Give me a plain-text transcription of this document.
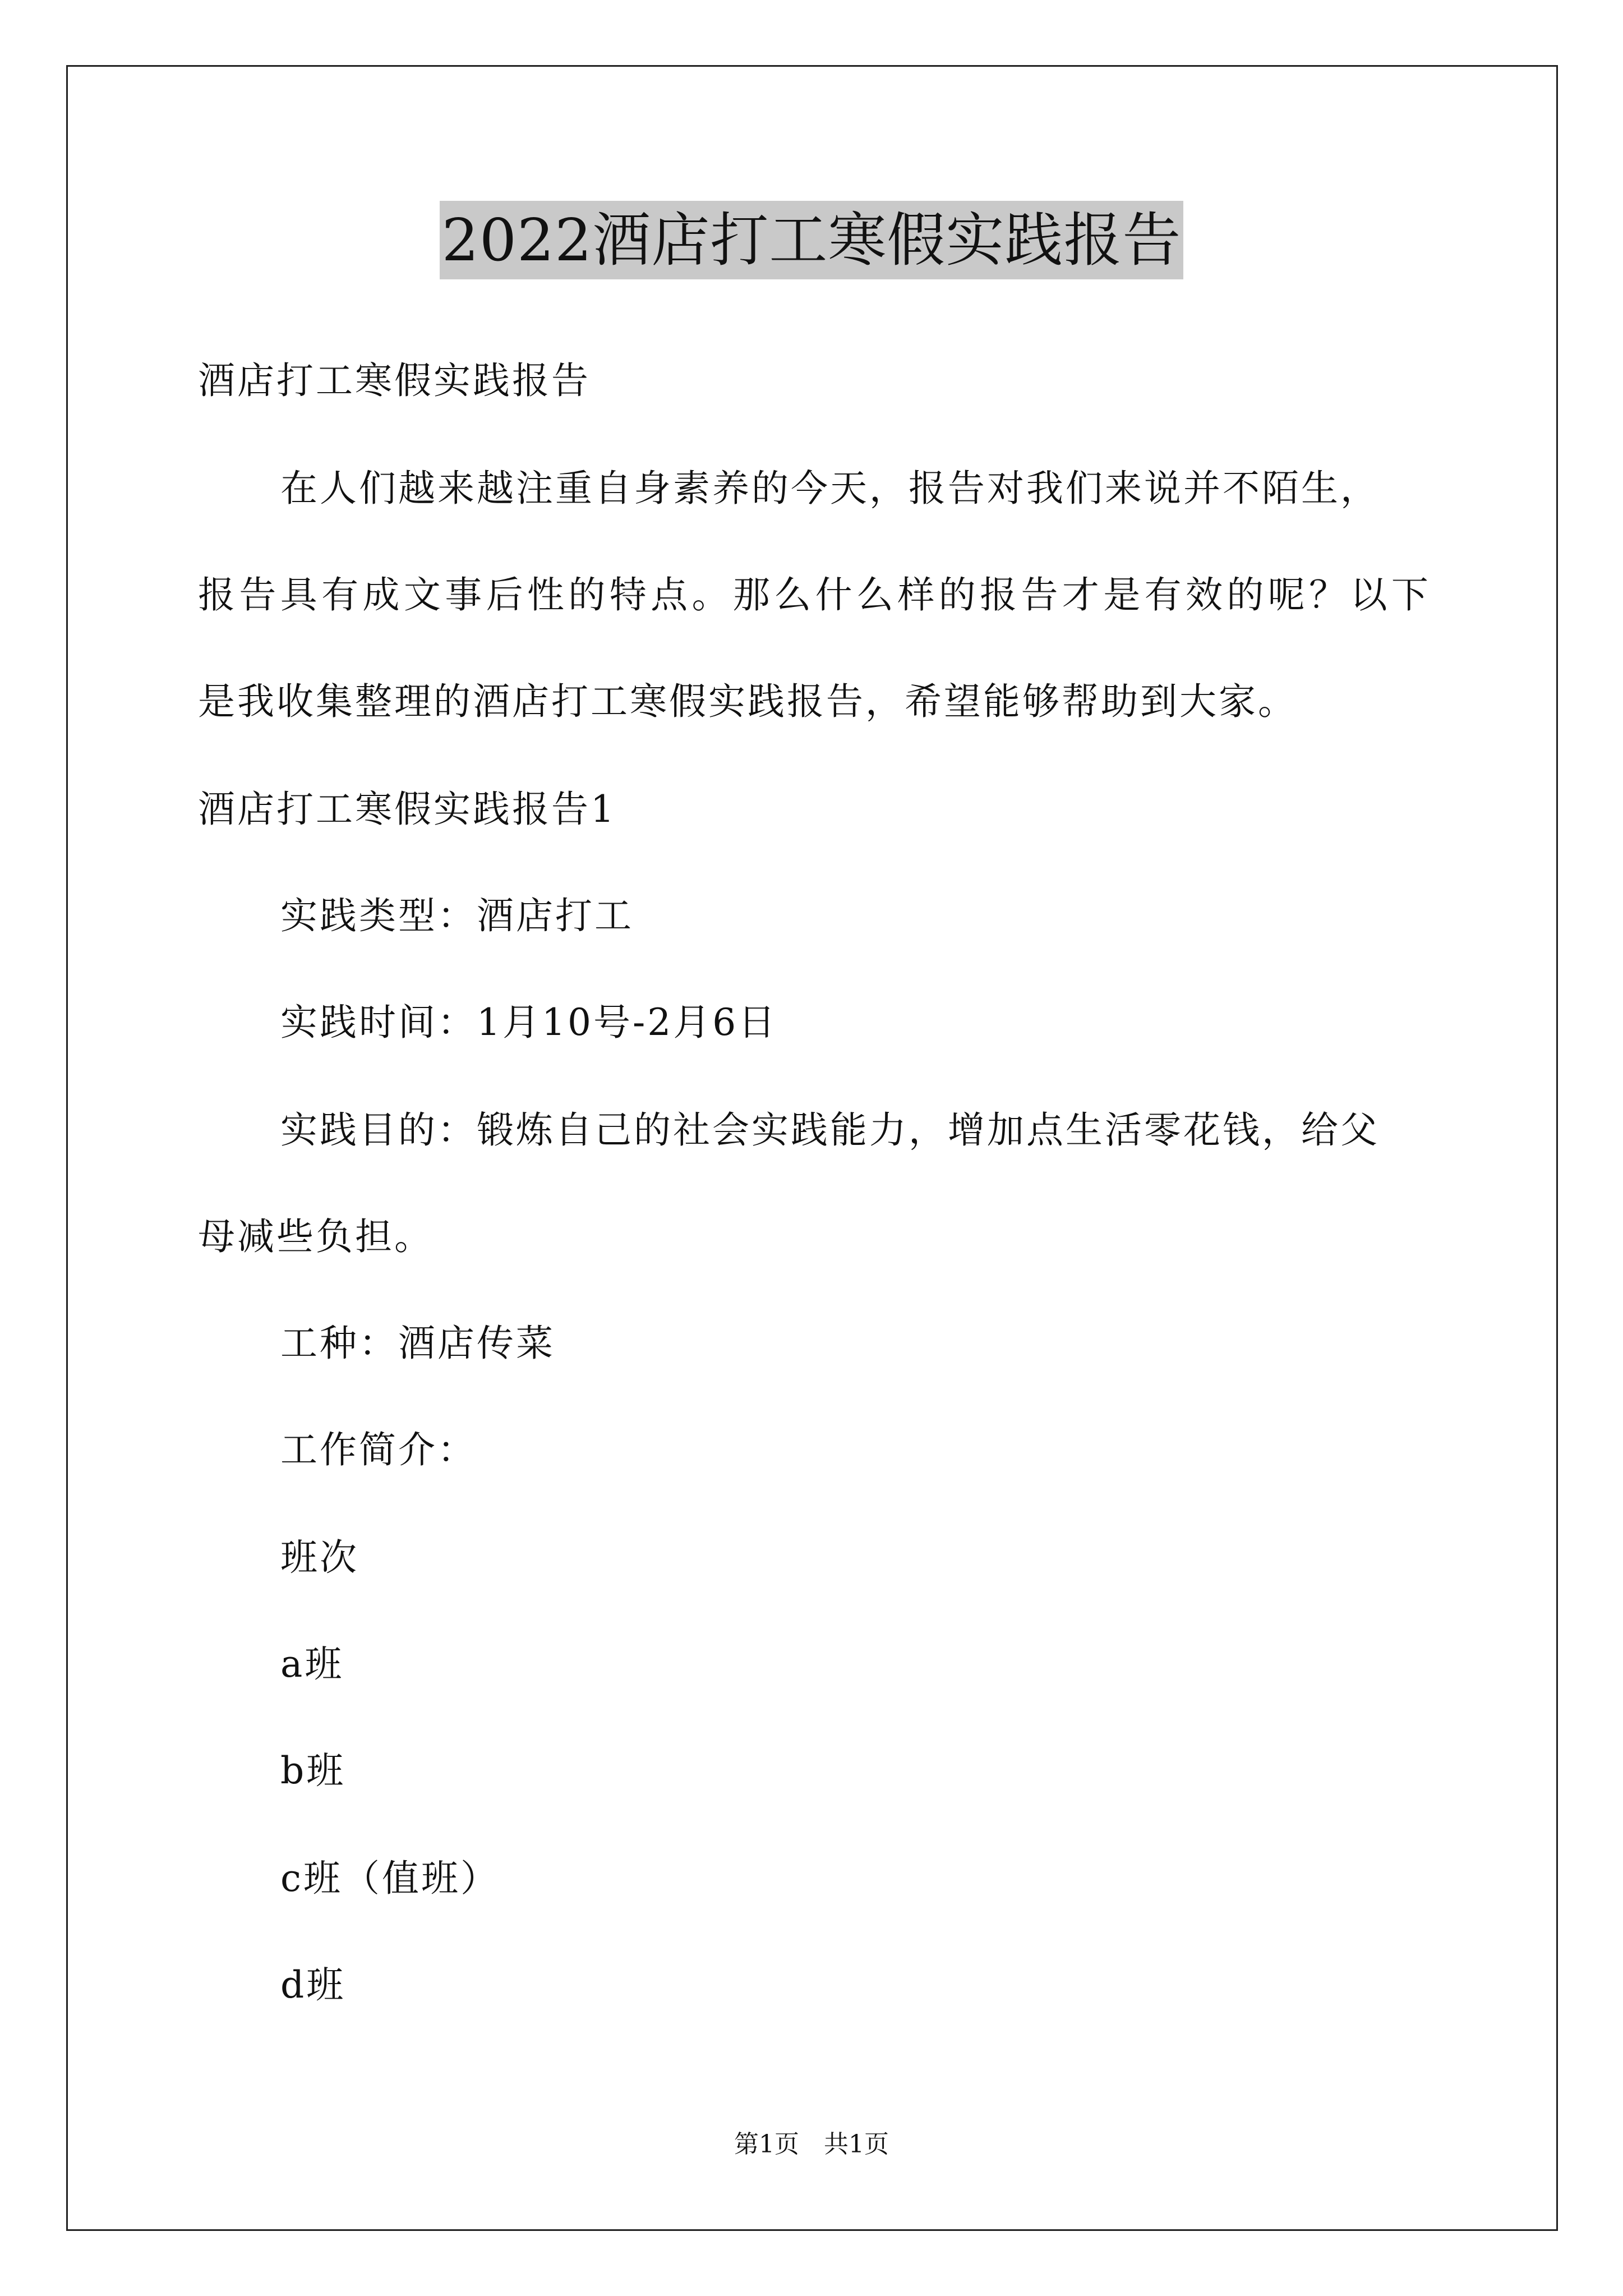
2022酒店打工寒假实践报告
酒店打工寒假实践报告
在人们越来越注重自身素养的今天，报告对我们来说并不陌生，
报 告 具 有 成 文 事 后 性 的 特 点 。 那 么 什 么 样 的 报 告 才 是 有 效 的 呢 ？ 以 下
是我收集整理的酒店打工寒假实践报告，希望能够帮助到大家。
酒店打工寒假实践报告1
实践类型：酒店打工
实践时间：1月10号-2月6日
实践目的：锻炼自己的社会实践能力，增加点生活零花钱，给父
母减些负担。
工种：酒店传菜
工作简介：
班次
a班
b班
c班（值班）
d班
第1页　共1页
